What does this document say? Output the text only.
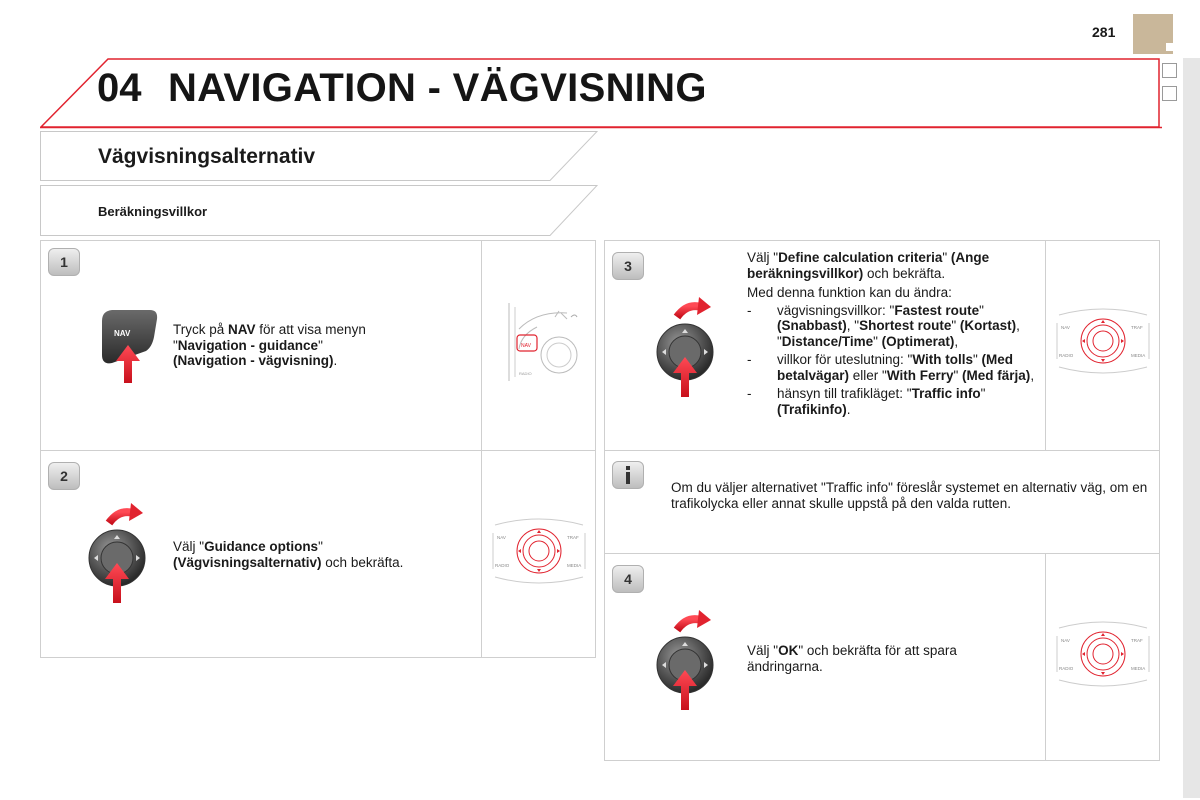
281
04 NAVIGATION - VÄGVISNING
Vägvisningsalternativ
Beräkningsvillkor
1
NAV	Tryck på NAV för att visa menyn
"Navigation - guidance"
(Navigation - vägvisning).
NAV
RADIO
2
Välj "Guidance options"
(Vägvisningsalternativ) och bekräfta.
NAV	TRAF
RADIO	MEDIA
3
Välj "Define calculation criteria" (Ange beräkningsvillkor) och bekräfta.
Med denna funktion kan du ändra:
- vägvisningsvillkor: "Fastest route" (Snabbast), "Shortest route" (Kortast), "Distance/Time" (Optimerat),
- villkor för uteslutning: "With tolls" (Med betalvägar) eller "With Ferry" (Med färja),
- hänsyn till trafikläget: "Traffic info" (Trafikinfo).
NAV	TRAF
RADIO	MEDIA
Om du väljer alternativet "Traffic info" föreslår systemet en alternativ väg, om en trafikolycka eller annat skulle uppstå på den valda rutten.
4
Välj "OK" och bekräfta för att spara ändringarna.
NAV	TRAF
RADIO	MEDIA
